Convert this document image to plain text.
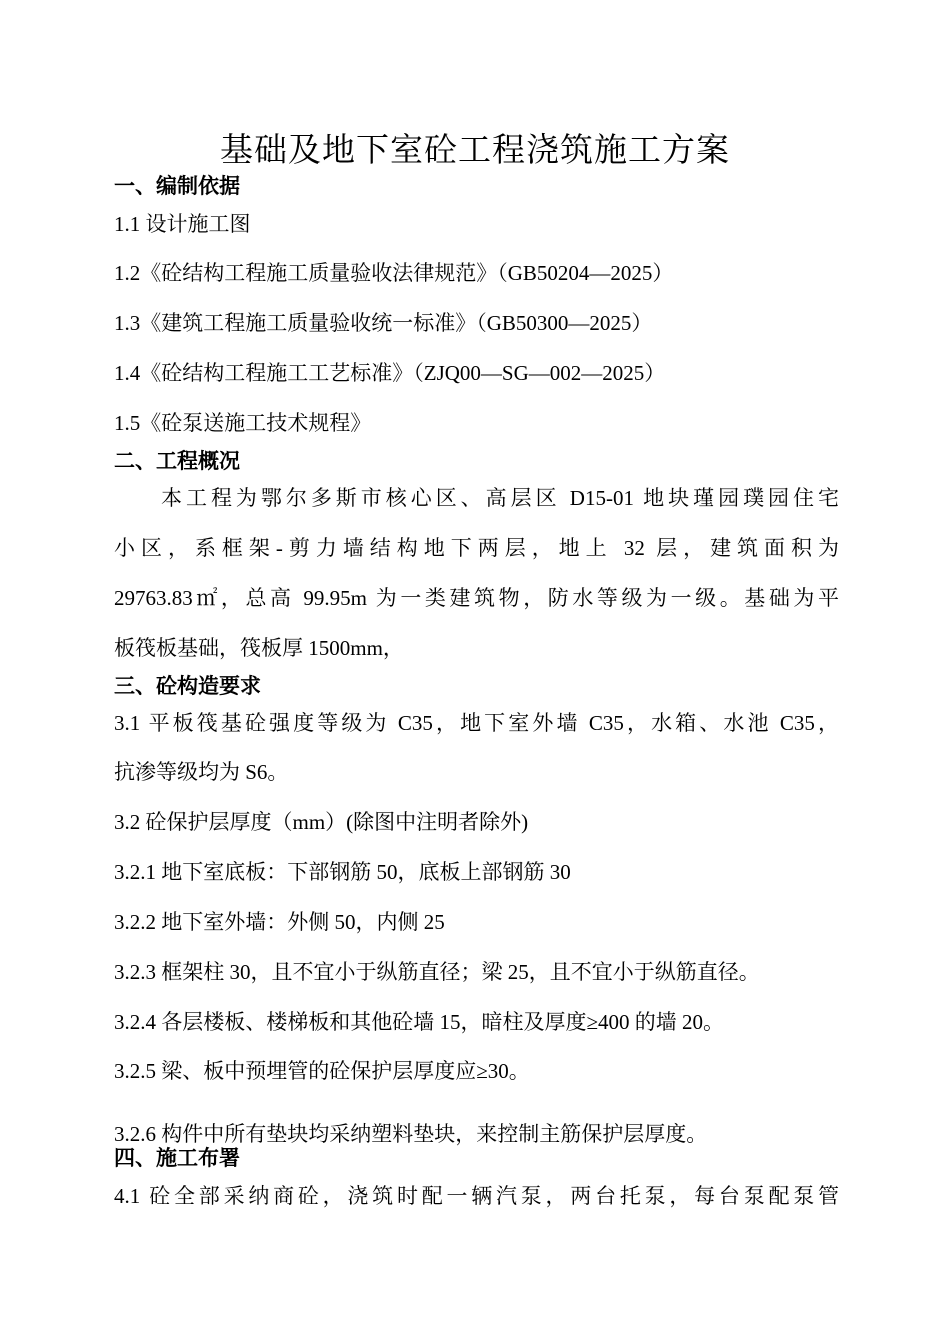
基础及地下室砼工程浇筑施工方案
一、编制依据
1.1 设计施工图
1.2《砼结构工程施工质量验收法律规范》（GB50204—2025）
1.3《建筑工程施工质量验收统一标准》（GB50300—2025）
1.4《砼结构工程施工工艺标准》（ZJQ00—SG—002—2025）
1.5《砼泵送施工技术规程》
二、工程概况
本工程为鄂尔多斯市核心区、高层区 D15-01 地块瑾园璞园住宅
小区，系框架-剪力墙结构地下两层，地上 32 层，建筑面积为
29763.83㎡，总高 99.95m 为一类建筑物，防水等级为一级。基础为平
板筏板基础，筏板厚 1500mm，
三、砼构造要求
3.1 平板筏基砼强度等级为 C35，地下室外墙 C35，水箱、水池 C35，
抗渗等级均为 S6。
3.2 砼保护层厚度（mm）(除图中注明者除外)
3.2.1 地下室底板：下部钢筋 50，底板上部钢筋 30
3.2.2 地下室外墙：外侧 50，内侧 25
3.2.3 框架柱 30，且不宜小于纵筋直径；梁 25，且不宜小于纵筋直径。
3.2.4 各层楼板、楼梯板和其他砼墙 15，暗柱及厚度≥400 的墙 20。
3.2.5 梁、板中预埋管的砼保护层厚度应≥30。
3.2.6 构件中所有垫块均采纳塑料垫块，来控制主筋保护层厚度。
四、施工布署
4.1 砼全部采纳商砼，浇筑时配一辆汽泵，两台托泵，每台泵配泵管
